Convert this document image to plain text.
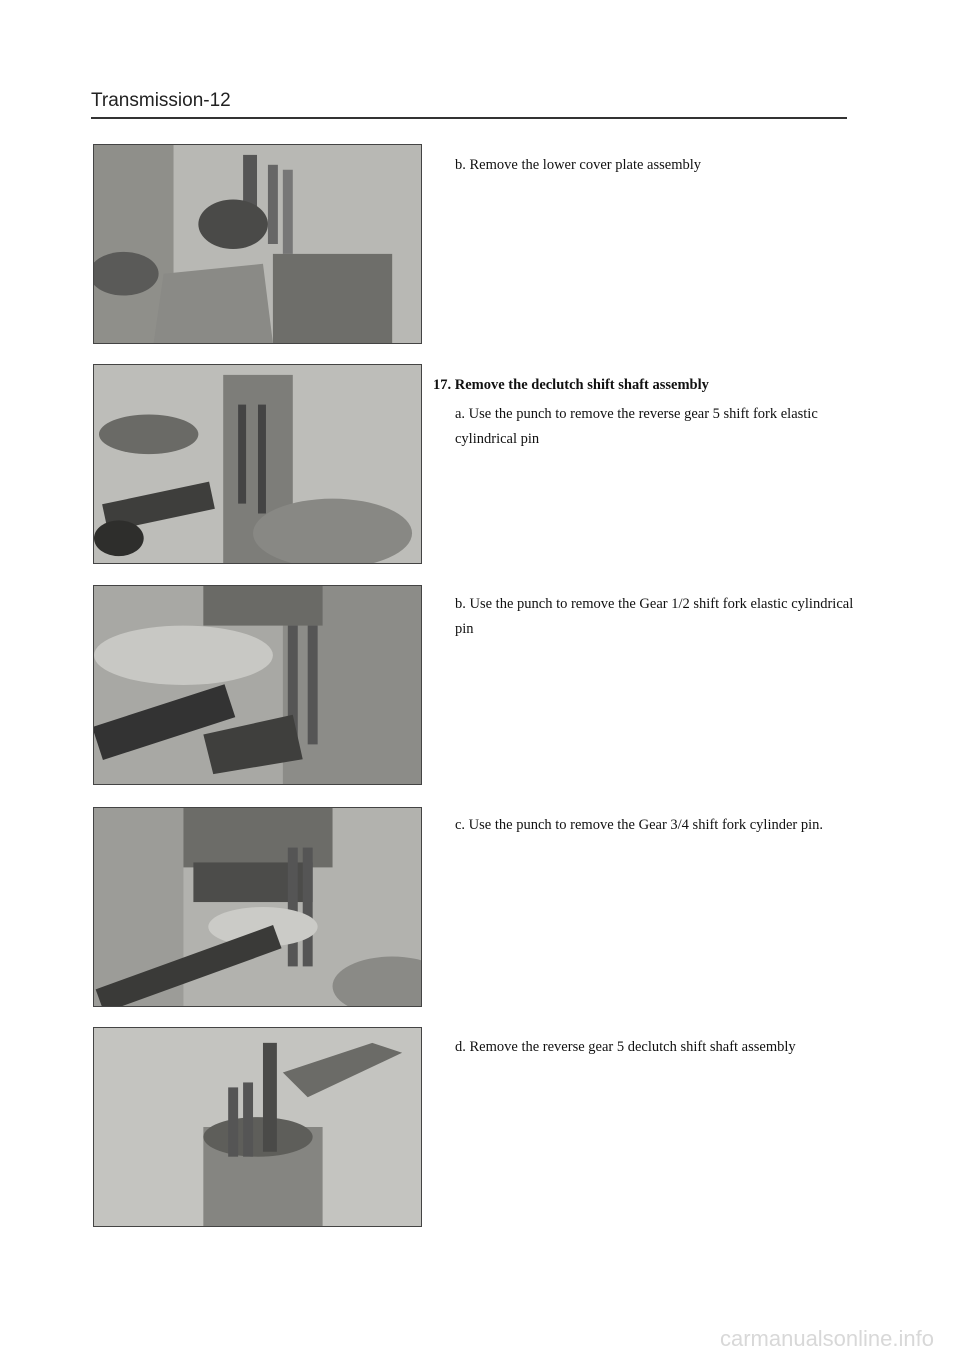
Transmission-12
b. Remove the lower cover plate assembly
17. Remove the declutch shift shaft assembly
a. Use the punch to remove the reverse gear 5 shift fork elastic cylindrical pin
b. Use the punch to remove the Gear 1/2 shift fork elastic cylindrical pin
c. Use the punch to remove the Gear 3/4 shift fork cylinder pin.
d. Remove the reverse gear 5 declutch shift shaft assembly
carmanualsonline.info
